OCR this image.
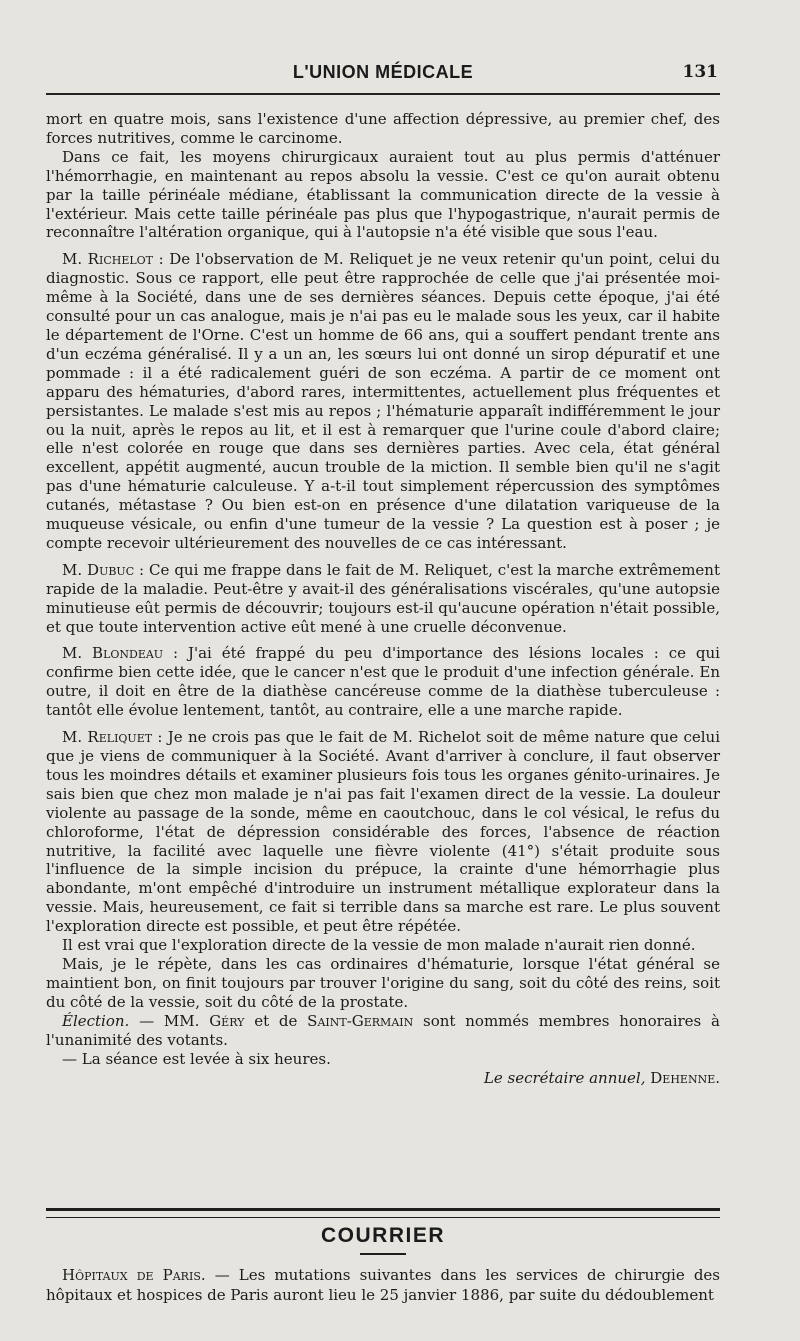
L'UNION MÉDICALE	131

mort en quatre mois, sans l'existence d'une affection dépressive, au premier chef, des forces nutritives, comme le carcinome.

Dans ce fait, les moyens chirurgicaux auraient tout au plus permis d'atténuer l'hémorrhagie, en maintenant au repos absolu la vessie. C'est ce qu'on aurait obtenu par la taille périnéale médiane, établissant la communication directe de la vessie à l'extérieur. Mais cette taille périnéale pas plus que l'hypogastrique, n'aurait permis de reconnaître l'altération organique, qui à l'autopsie n'a été visible que sous l'eau.

M. Richelot : De l'observation de M. Reliquet je ne veux retenir qu'un point, celui du diagnostic. Sous ce rapport, elle peut être rapprochée de celle que j'ai présentée moi-même à la Société, dans une de ses dernières séances. Depuis cette époque, j'ai été consulté pour un cas analogue, mais je n'ai pas eu le malade sous les yeux, car il habite le département de l'Orne. C'est un homme de 66 ans, qui a souffert pendant trente ans d'un eczéma généralisé. Il y a un an, les sœurs lui ont donné un sirop dépuratif et une pommade : il a été radicalement guéri de son eczéma. A partir de ce moment ont apparu des hématuries, d'abord rares, intermittentes, actuellement plus fréquentes et persistantes. Le malade s'est mis au repos ; l'hématurie apparaît indifféremment le jour ou la nuit, après le repos au lit, et il est à remarquer que l'urine coule d'abord claire; elle n'est colorée en rouge que dans ses dernières parties. Avec cela, état général excellent, appétit augmenté, aucun trouble de la miction. Il semble bien qu'il ne s'agit pas d'une hématurie calculeuse. Y a-t-il tout simplement répercussion des symptômes cutanés, métastase ? Ou bien est-on en présence d'une dilatation variqueuse de la muqueuse vésicale, ou enfin d'une tumeur de la vessie ? La question est à poser ; je compte recevoir ultérieurement des nouvelles de ce cas intéressant.

M. Dubuc : Ce qui me frappe dans le fait de M. Reliquet, c'est la marche extrêmement rapide de la maladie. Peut-être y avait-il des généralisations viscérales, qu'une autopsie minutieuse eût permis de découvrir; toujours est-il qu'aucune opération n'était possible, et que toute intervention active eût mené à une cruelle déconvenue.

M. Blondeau : J'ai été frappé du peu d'importance des lésions locales : ce qui confirme bien cette idée, que le cancer n'est que le produit d'une infection générale. En outre, il doit en être de la diathèse cancéreuse comme de la diathèse tuberculeuse : tantôt elle évolue lentement, tantôt, au contraire, elle a une marche rapide.

M. Reliquet : Je ne crois pas que le fait de M. Richelot soit de même nature que celui que je viens de communiquer à la Société. Avant d'arriver à conclure, il faut observer tous les moindres détails et examiner plusieurs fois tous les organes génito-urinaires. Je sais bien que chez mon malade je n'ai pas fait l'examen direct de la vessie. La douleur violente au passage de la sonde, même en caoutchouc, dans le col vésical, le refus du chloroforme, l'état de dépression considérable des forces, l'absence de réaction nutritive, la facilité avec laquelle une fièvre violente (41°) s'était produite sous l'influence de la simple incision du prépuce, la crainte d'une hémorrhagie plus abondante, m'ont empêché d'introduire un instrument métallique explorateur dans la vessie. Mais, heureusement, ce fait si terrible dans sa marche est rare. Le plus souvent l'exploration directe est possible, et peut être répétée.

Il est vrai que l'exploration directe de la vessie de mon malade n'aurait rien donné.

Mais, je le répète, dans les cas ordinaires d'hématurie, lorsque l'état général se maintient bon, on finit toujours par trouver l'origine du sang, soit du côté des reins, soit du côté de la vessie, soit du côté de la prostate.

Élection. — MM. Géry et de Saint-Germain sont nommés membres honoraires à l'unanimité des votants.

— La séance est levée à six heures.

Le secrétaire annuel, Dehenne.
COURRIER

Hôpitaux de Paris. — Les mutations suivantes dans les services de chirurgie des hôpitaux et hospices de Paris auront lieu le 25 janvier 1886, par suite du dédoublement
